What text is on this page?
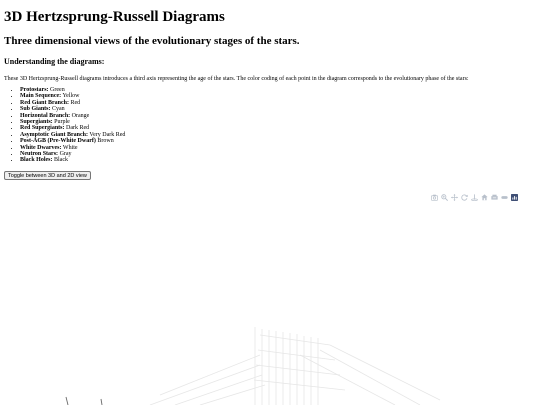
3D Hertzsprung-Russell Diagrams
Three dimensional views of the evolutionary stages of the stars.
Understanding the diagrams:

These 3D Hertzsprung-Russell diagrams introduces a third axis representing the age of the stars. The color coding of each point in the diagram corresponds to the evolutionary phase of the stars:

• Protostars: Green
• Main Sequence: Yellow
• Red Giant Branch: Red
• Sub Giants: Cyan
• Horizontal Branch: Orange
• Supergiants: Purple
• Red Supergiants: Dark Red
• Asymptotic Giant Branch: Very Dark Red
• Post-AGB (Pre-White Dwarf) Brown
• White Dwarves: White
• Neutron Stars: Gray
• Black Holes: Black
Toggle between 3D and 2D view
